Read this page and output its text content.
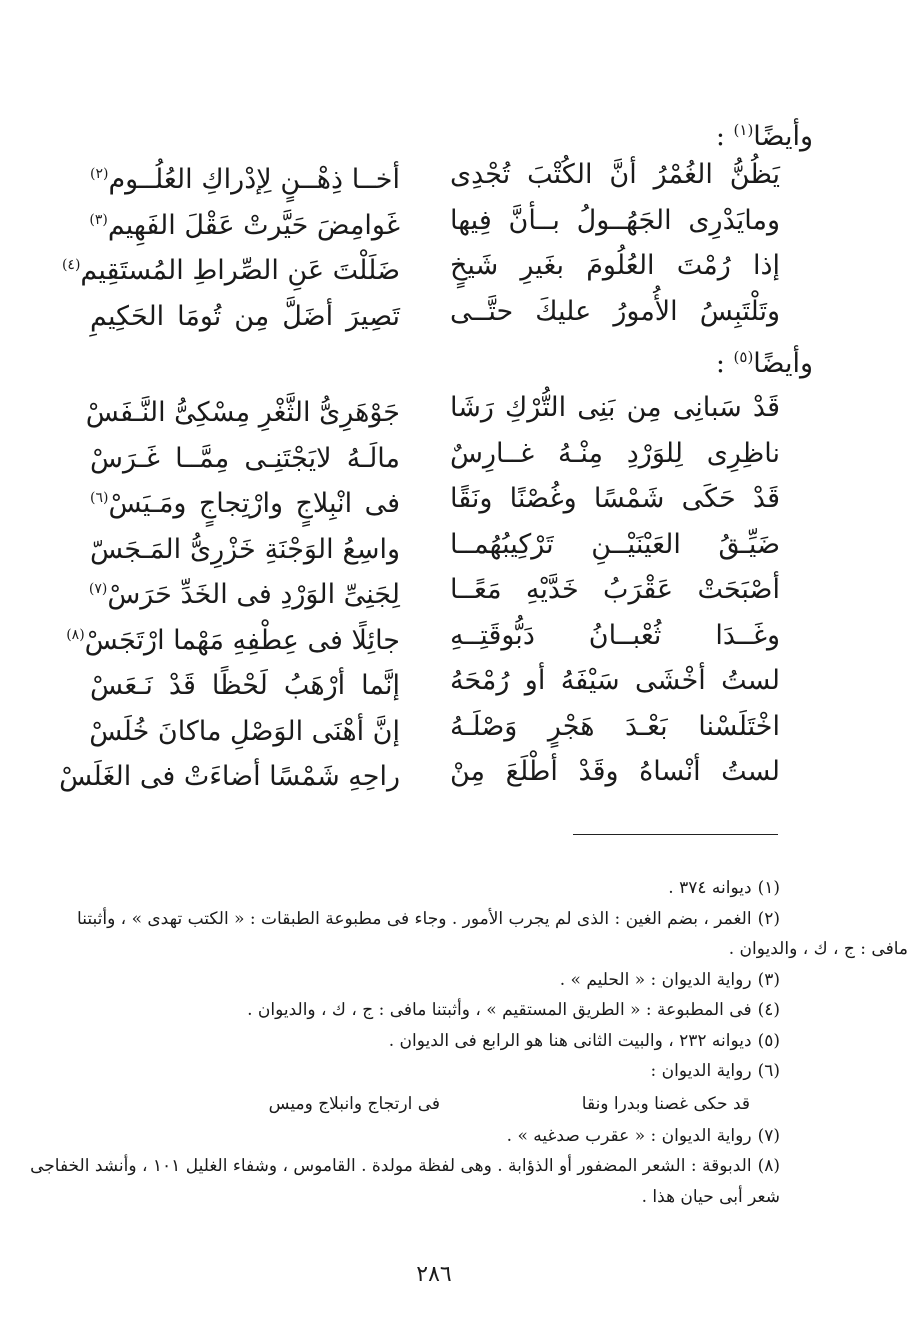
وأيضًا$^{(١)}$ :
يَظُنُّ الغُمْرُ أنَّ الكُتْبَ تُجْدِى
أخــا ذِهْــنٍ لِإدْراكِ العُلُــوم$^{(٢)}$
ومايَدْرِى الجَهُــولُ بــأنَّ فِيها
غَوامِضَ حَيَّرتْ عَقْلَ الفَهِيم$^{(٣)}$
إذا رُمْتَ العُلُومَ بغَيرِ شَيخٍ
ضَلَلْتَ عَنِ الصِّراطِ المُستَقِيم$^{(٤)}$
وتَلْتَبِسُ الأُمورُ عليكَ حتَّــى
تَصِيرَ أضَلَّ مِن تُومَا الحَكِيمِ
وأيضًا$^{(٥)}$ :
قَدْ سَبانِى مِن بَنِى التُّرْكِ رَشَا
جَوْهَرِىُّ الثَّغْرِ مِسْكِىُّ النَّـفَسْ
ناظِرِى لِلوَرْدِ مِنْـهُ غــارِسٌ
مالَـهُ لايَجْتَنِـى مِمَّــا غَـرَسْ
قَدْ حَكَى شَمْسًا وغُصْنًا ونَقًا
فى انْبِلاجٍ وارْتِجاجٍ ومَـيَسْ$^{(٦)}$
ضَيِّـقُ العَيْنَيْــنِ تَرْكِيبُهُمــا
واسِعُ الوَجْنَةِ خَزْرِىُّ المَـجَسّ
أصْبَحَتْ عَقْرَبُ خَدَّيْهِ مَعًــا
لِجَنِىِّ الوَرْدِ فى الخَدِّ حَرَسْ$^{(٧)}$
وغَــدَا ثُعْبــانُ دَبُّوقَتِــهِ
جائِلًا فى عِطْفِهِ مَهْما ارْتَجَسْ$^{(٨)}$
لستُ أخْشَى سَيْفَهُ أو رُمْحَهُ
إنَّما أرْهَبُ لَحْظًا قَدْ نَـعَسْ
اخْتَلَسْنا بَعْـدَ هَجْرٍ وَصْلَـهُ
إنَّ أهْنَى الوَصْلِ ماكانَ خُلَسْ
لستُ أنْساهُ وقَدْ أطْلَعَ مِنْ
راحِهِ شَمْسًا أضاءَتْ فى الغَلَسْ
(١)ديوانه ٣٧٤ .
(٢)الغمر ، بضم الغين : الذى لم يجرب الأمور . وجاء فى مطبوعة الطبقات : « الكتب تهدى » ، وأثبتنا
مافى : ج ، ك ، والديوان .
(٣)رواية الديوان : « الحليم » .
(٤)فى المطبوعة : « الطريق المستقيم » ، وأثبتنا مافى : ج ، ك ، والديوان .
(٥)ديوانه ٢٣٢ ، والبيت الثانى هنا هو الرابع فى الديوان .
(٦)رواية الديوان :
قد حكى غصنا وبدرا ونقا
فى ارتجاج وانبلاج وميس
(٧)رواية الديوان : « عقرب صدغيه » .
(٨)الدبوقة : الشعر المضفور أو الذؤابة . وهى لفظة مولدة . القاموس ، وشفاء الغليل ١٠١ ، وأنشد الخفاجى
شعر أبى حيان هذا .
٢٨٦
